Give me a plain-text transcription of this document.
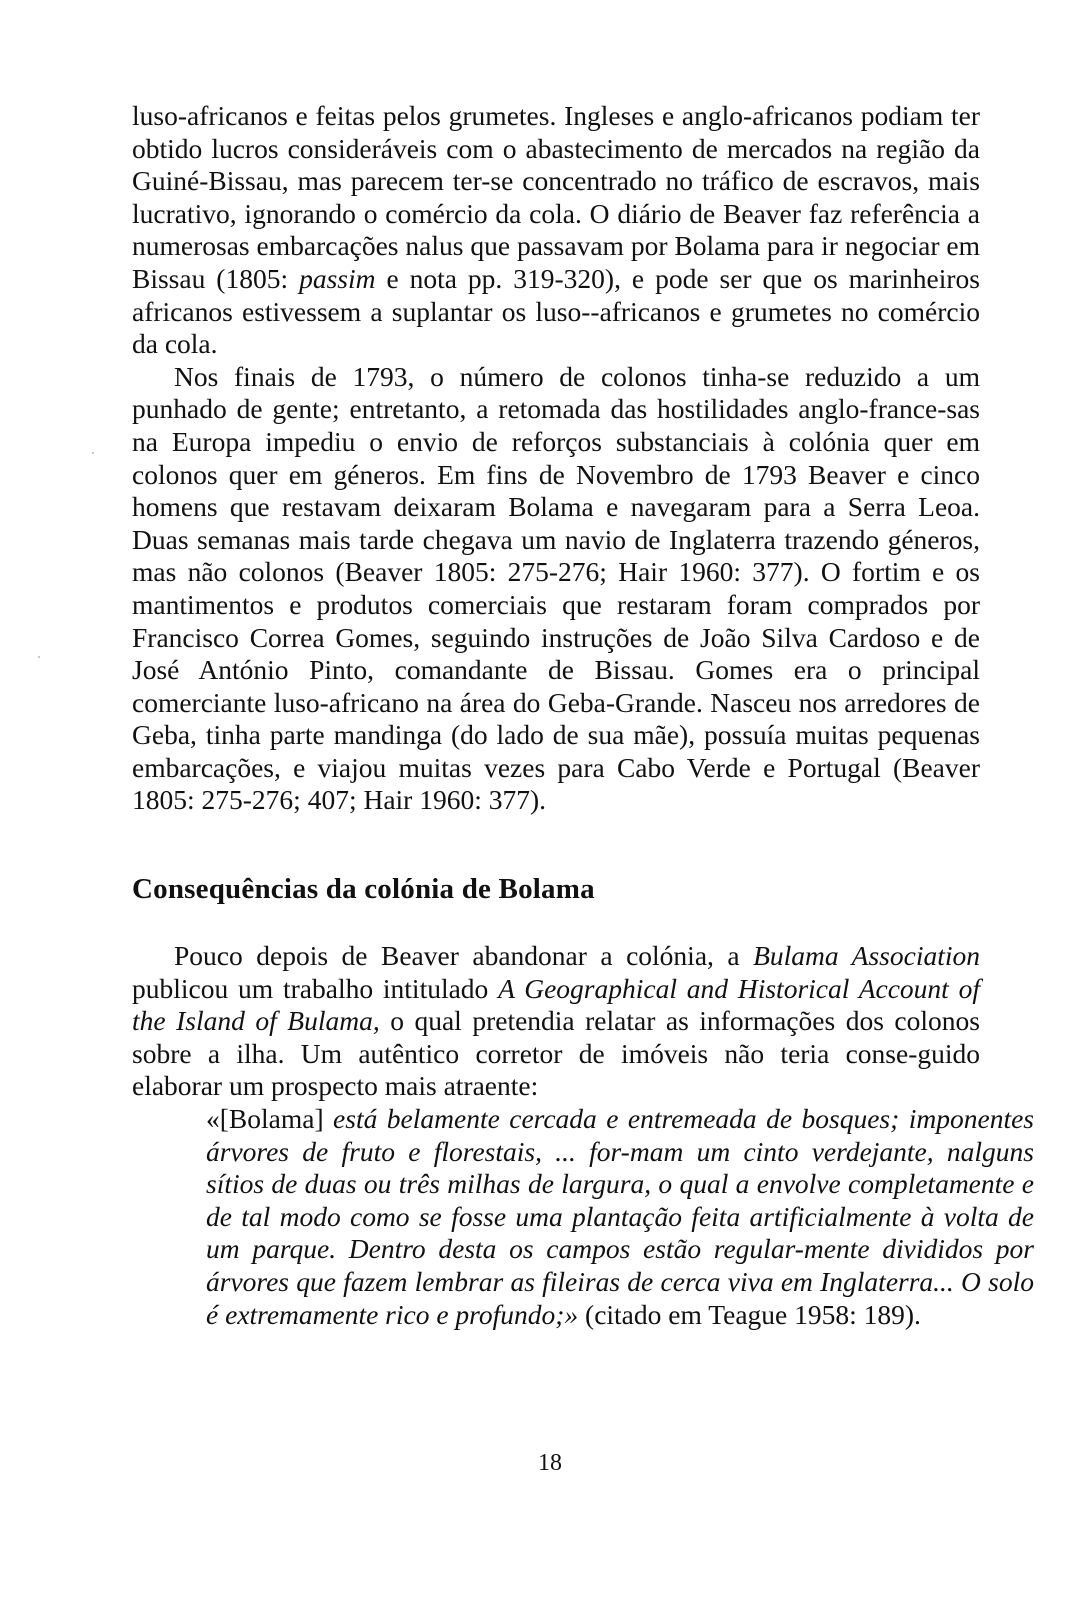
luso-africanos e feitas pelos grumetes. Ingleses e anglo-africanos podiam ter obtido lucros consideráveis com o abastecimento de mercados na região da Guiné-Bissau, mas parecem ter-se concentrado no tráfico de escravos, mais lucrativo, ignorando o comércio da cola. O diário de Beaver faz referência a numerosas embarcações nalus que passavam por Bolama para ir negociar em Bissau (1805: passim e nota pp. 319-320), e pode ser que os marinheiros africanos estivessem a suplantar os luso--africanos e grumetes no comércio da cola.

Nos finais de 1793, o número de colonos tinha-se reduzido a um punhado de gente; entretanto, a retomada das hostilidades anglo-france-sas na Europa impediu o envio de reforços substanciais à colónia quer em colonos quer em géneros. Em fins de Novembro de 1793 Beaver e cinco homens que restavam deixaram Bolama e navegaram para a Serra Leoa. Duas semanas mais tarde chegava um navio de Inglaterra trazendo géneros, mas não colonos (Beaver 1805: 275-276; Hair 1960: 377). O fortim e os mantimentos e produtos comerciais que restaram foram comprados por Francisco Correa Gomes, seguindo instruções de João Silva Cardoso e de José António Pinto, comandante de Bissau. Gomes era o principal comerciante luso-africano na área do Geba-Grande. Nasceu nos arredores de Geba, tinha parte mandinga (do lado de sua mãe), possuía muitas pequenas embarcações, e viajou muitas vezes para Cabo Verde e Portugal (Beaver 1805: 275-276; 407; Hair 1960: 377).

Consequências da colónia de Bolama

Pouco depois de Beaver abandonar a colónia, a Bulama Association publicou um trabalho intitulado A Geographical and Historical Account of the Island of Bulama, o qual pretendia relatar as informações dos colonos sobre a ilha. Um autêntico corretor de imóveis não teria conse-guido elaborar um prospecto mais atraente:

«[Bolama] está belamente cercada e entremeada de bosques; imponentes árvores de fruto e florestais, ... for-mam um cinto verdejante, nalguns sítios de duas ou três milhas de largura, o qual a envolve completamente e de tal modo como se fosse uma plantação feita artificialmente à volta de um parque. Dentro desta os campos estão regular-mente divididos por árvores que fazem lembrar as fileiras de cerca viva em Inglaterra... O solo é extremamente rico e profundo;» (citado em Teague 1958: 189).

18
